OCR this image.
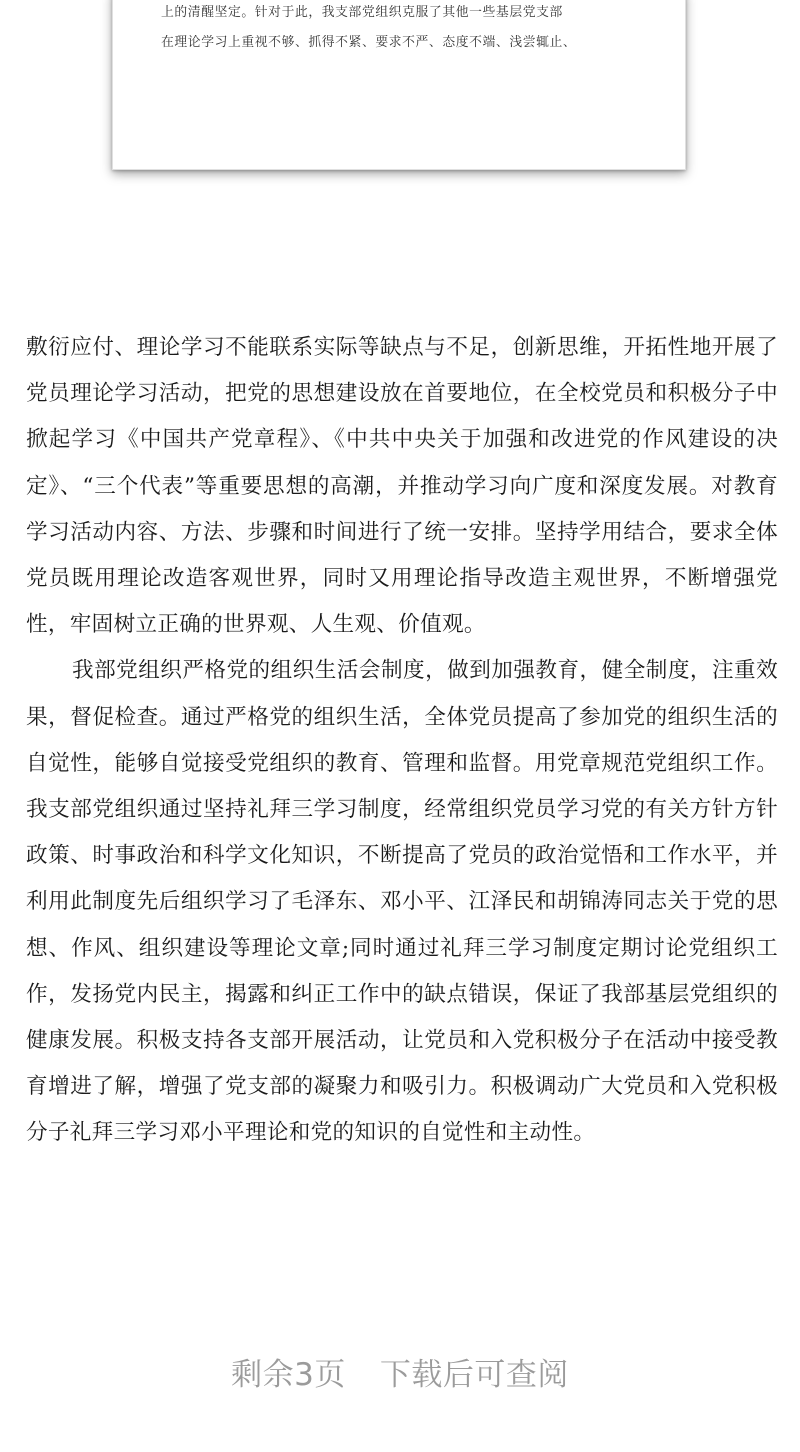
上的清醒坚定。针对于此，我支部党组织克服了其他一些基层党支部
在理论学习上重视不够、抓得不紧、要求不严、态度不端、浅尝辄止、

敷衍应付、理论学习不能联系实际等缺点与不足，创新思维，开拓性地开展了党员理论学习活动，把党的思想建设放在首要地位，在全校党员和积极分子中掀起学习《中国共产党章程》、《中共中央关于加强和改进党的作风建设的决定》、“三个代表”等重要思想的高潮，并推动学习向广度和深度发展。对教育学习活动内容、方法、步骤和时间进行了统一安排。坚持学用结合，要求全体党员既用理论改造客观世界，同时又用理论指导改造主观世界，不断增强党性，牢固树立正确的世界观、人生观、价值观。

我部党组织严格党的组织生活会制度，做到加强教育，健全制度，注重效果，督促检查。通过严格党的组织生活，全体党员提高了参加党的组织生活的自觉性，能够自觉接受党组织的教育、管理和监督。用党章规范党组织工作。我支部党组织通过坚持礼拜三学习制度，经常组织党员学习党的有关方针方针政策、时事政治和科学文化知识，不断提高了党员的政治觉悟和工作水平，并利用此制度先后组织学习了毛泽东、邓小平、江泽民和胡锦涛同志关于党的思想、作风、组织建设等理论文章;同时通过礼拜三学习制度定期讨论党组织工作，发扬党内民主，揭露和纠正工作中的缺点错误，保证了我部基层党组织的健康发展。积极支持各支部开展活动，让党员和入党积极分子在活动中接受教育增进了解，增强了党支部的凝聚力和吸引力。积极调动广大党员和入党积极分子礼拜三学习邓小平理论和党的知识的自觉性和主动性。

剩余3页 下载后可查阅
